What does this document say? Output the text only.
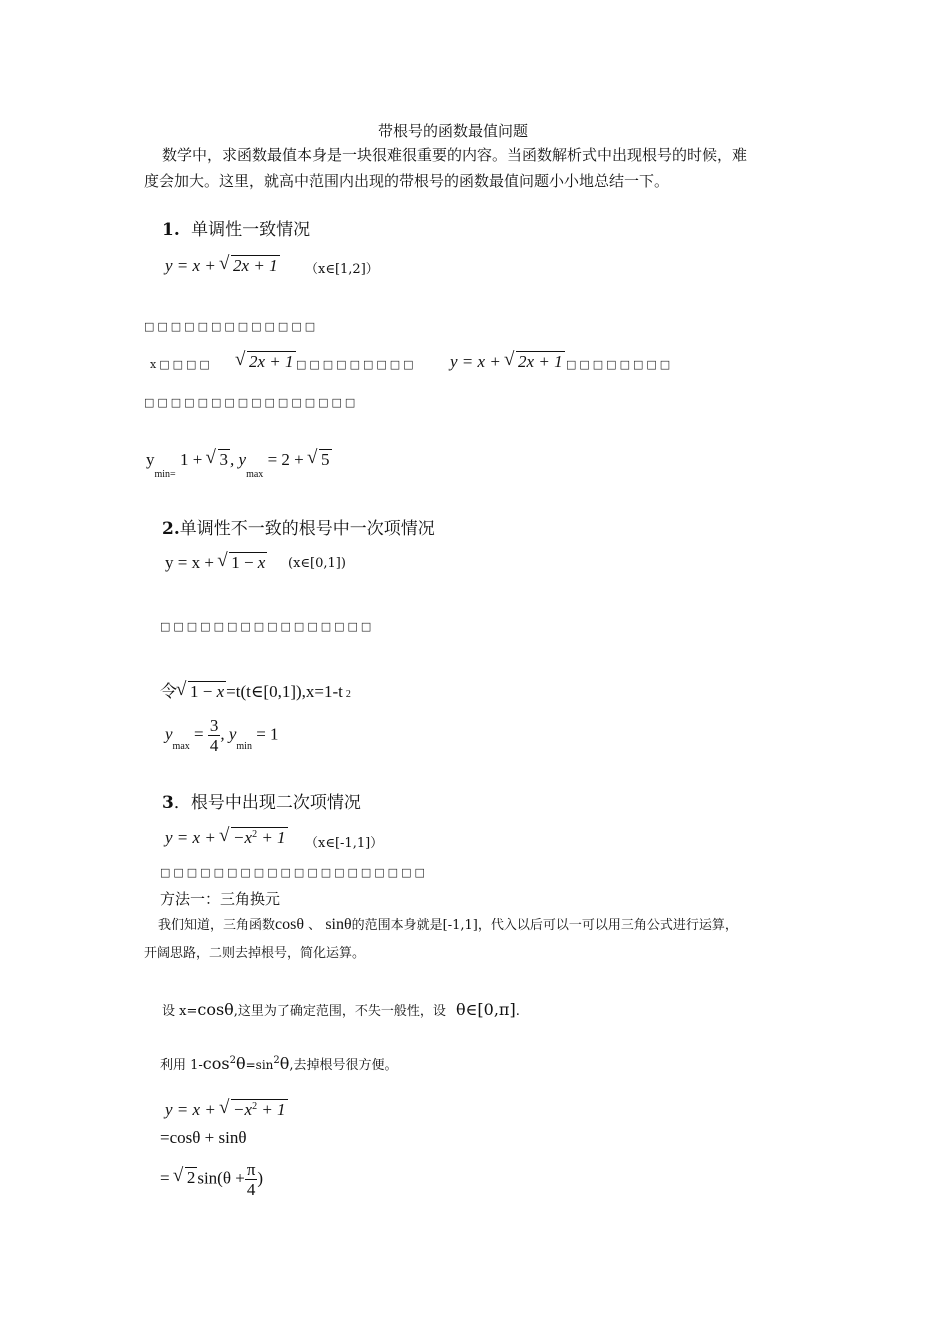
带根号的函数最值问题
数学中，求函数最值本身是一块很难很重要的内容。当函数解析式中出现根号的时候，难
度会加大。这里，就高中范围内出现的带根号的函数最值问题小小地总结一下。
1. 单调性一致情况
y = x + √ 2x + 1 （x∈[1,2]）
□□□□□□□□□□□□□
x□□□□	√ 2x + 1 □□□□□□□□□ y = x + √ 2x + 1 □□□□□□□□
□□□□□□□□□□□□□□□□
$y_{min=}$ 1 + √ 3 , $y_{max} = 2$ + √ 5
2.单调性不一致的根号中一次项情况
y = x + √ 1 − x (x∈[0,1])
□□□□□□□□□□□□□□□□
令 √ 1 − x =t(t∈[0,1]),x=1-t 2
$y_{max} = \frac{3}{4}$ , $y_{min} = 1$
3．根号中出现二次项情况
y = x + √ $-x^2 + 1$ （x∈[-1,1]）
□□□□□□□□□□□□□□□□□□□□
方法一：三角换元
我们知道，三角函数cosθ 、 sinθ的范围本身就是[-1,1]，代入以后可以一可以用三角公式进行运算，
开阔思路，二则去掉根号，简化运算。
设 x=cosθ,这里为了确定范围，不失一般性，设 θ∈[0,π].
利用 $1-\cos^2\theta=\sin^2\theta$,去掉根号很方便。
y = x + √ $-x^2 + 1$
=cosθ + sinθ
= √ 2 $\sin(\theta + \frac{\pi}{4}$ )
